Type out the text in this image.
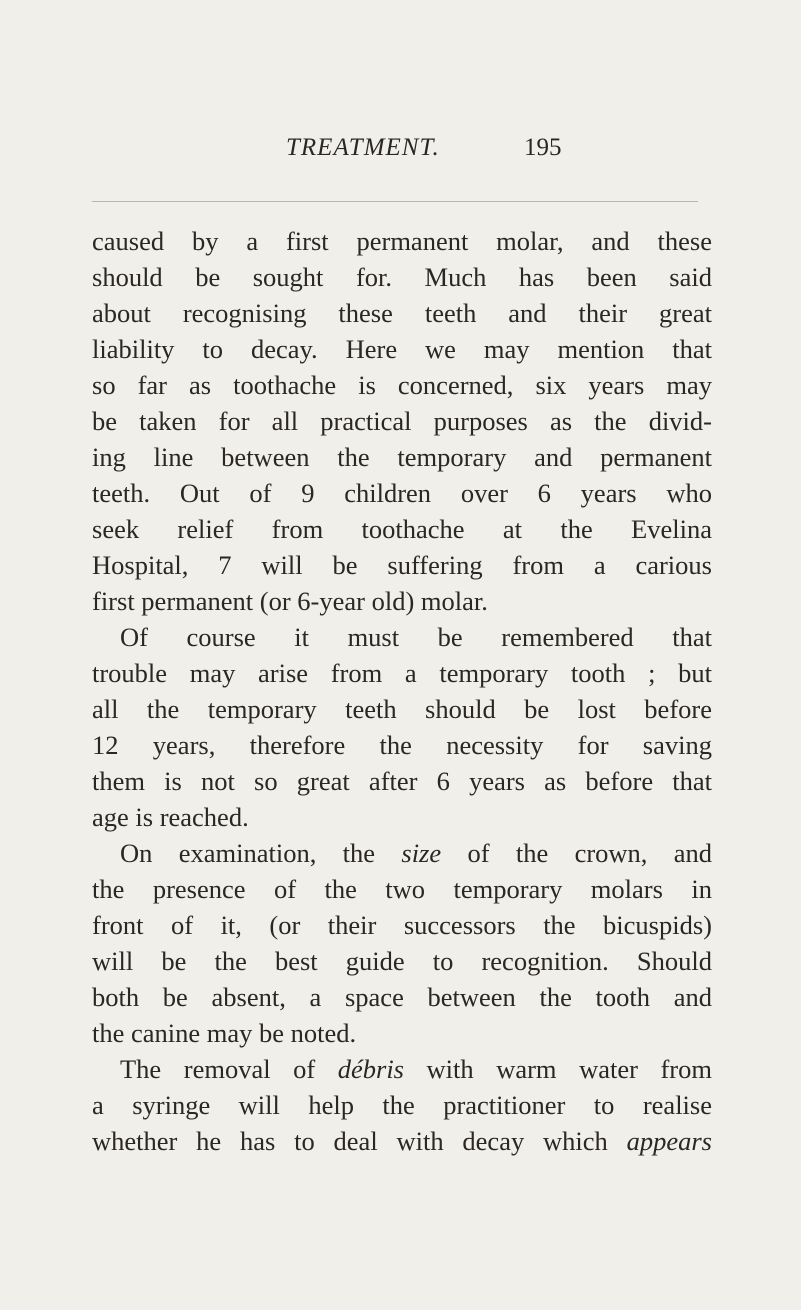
TREATMENT.	195
caused by a first permanent molar, and these
should be sought for. Much has been said
about recognising these teeth and their great
liability to decay. Here we may mention that
so far as toothache is concerned, six years may
be taken for all practical purposes as the divid-
ing line between the temporary and permanent
teeth. Out of 9 children over 6 years who
seek relief from toothache at the Evelina
Hospital, 7 will be suffering from a carious
first permanent (or 6-year old) molar.
Of course it must be remembered that
trouble may arise from a temporary tooth ; but
all the temporary teeth should be lost before
12 years, therefore the necessity for saving
them is not so great after 6 years as before that
age is reached.
On examination, the size of the crown, and
the presence of the two temporary molars in
front of it, (or their successors the bicuspids)
will be the best guide to recognition. Should
both be absent, a space between the tooth and
the canine may be noted.
The removal of débris with warm water from
a syringe will help the practitioner to realise
whether he has to deal with decay which appears
